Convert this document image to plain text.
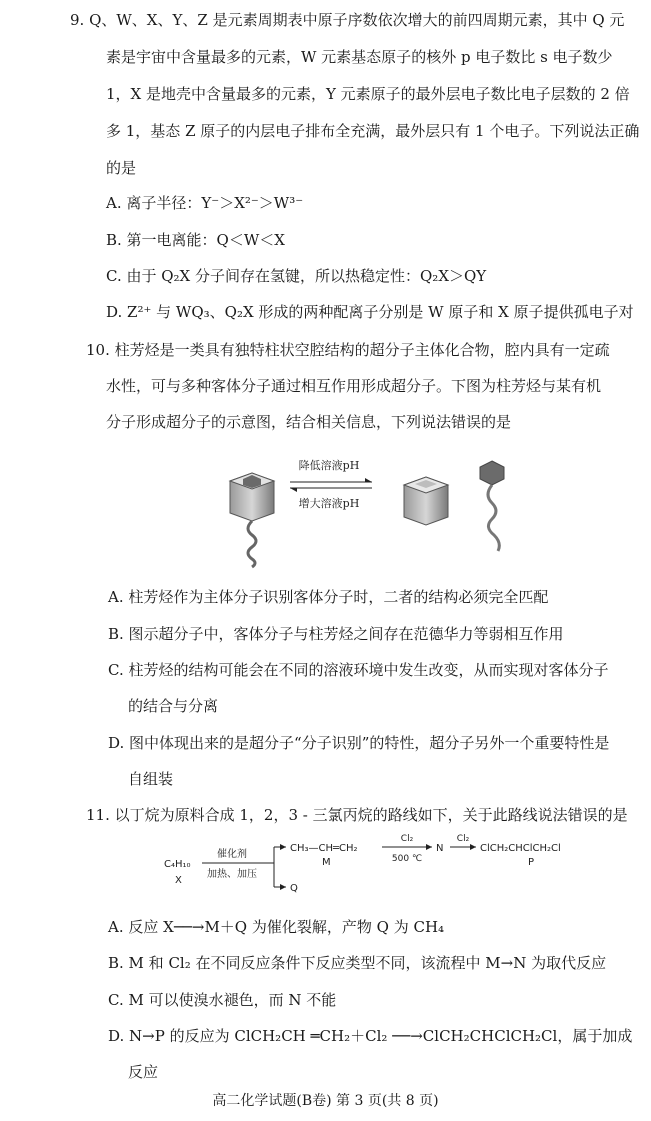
9. Q、W、X、Y、Z 是元素周期表中原子序数依次增大的前四周期元素，其中 Q 元
素是宇宙中含量最多的元素，W 元素基态原子的核外 p 电子数比 s 电子数少
1，X 是地壳中含量最多的元素，Y 元素原子的最外层电子数比电子层数的 2 倍
多 1，基态 Z 原子的内层电子排布全充满，最外层只有 1 个电子。下列说法正确
的是
A. 离子半径：Y⁻＞X²⁻＞W³⁻
B. 第一电离能：Q＜W＜X
C. 由于 Q₂X 分子间存在氢键，所以热稳定性：Q₂X＞QY
D. Z²⁺ 与 WQ₃、Q₂X 形成的两种配离子分别是 W 原子和 X 原子提供孤电子对
10. 柱芳烃是一类具有独特柱状空腔结构的超分子主体化合物，腔内具有一定疏
水性，可与多种客体分子通过相互作用形成超分子。下图为柱芳烃与某有机
分子形成超分子的示意图，结合相关信息，下列说法错误的是
降低溶液pH
增大溶液pH
A. 柱芳烃作为主体分子识别客体分子时，二者的结构必须完全匹配
B. 图示超分子中，客体分子与柱芳烃之间存在范德华力等弱相互作用
C. 柱芳烃的结构可能会在不同的溶液环境中发生改变，从而实现对客体分子
的结合与分离
D. 图中体现出来的是超分子“分子识别”的特性，超分子另外一个重要特性是
自组装
11. 以丁烷为原料合成 1，2，3 - 三氯丙烷的路线如下，关于此路线说法错误的是
C₄H₁₀
X
催化剂
加热、加压
CH₃—CH═CH₂
M
Q
Cl₂
500 ℃
N
Cl₂
ClCH₂CHClCH₂Cl
P
A. 反应 X──→M＋Q 为催化裂解，产物 Q 为 CH₄
B. M 和 Cl₂ 在不同反应条件下反应类型不同，该流程中 M→N 为取代反应
C. M 可以使溴水褪色，而 N 不能
D. N→P 的反应为 ClCH₂CH ═CH₂＋Cl₂ ──→ClCH₂CHClCH₂Cl，属于加成
反应
高二化学试题(B卷) 第 3 页(共 8 页)
